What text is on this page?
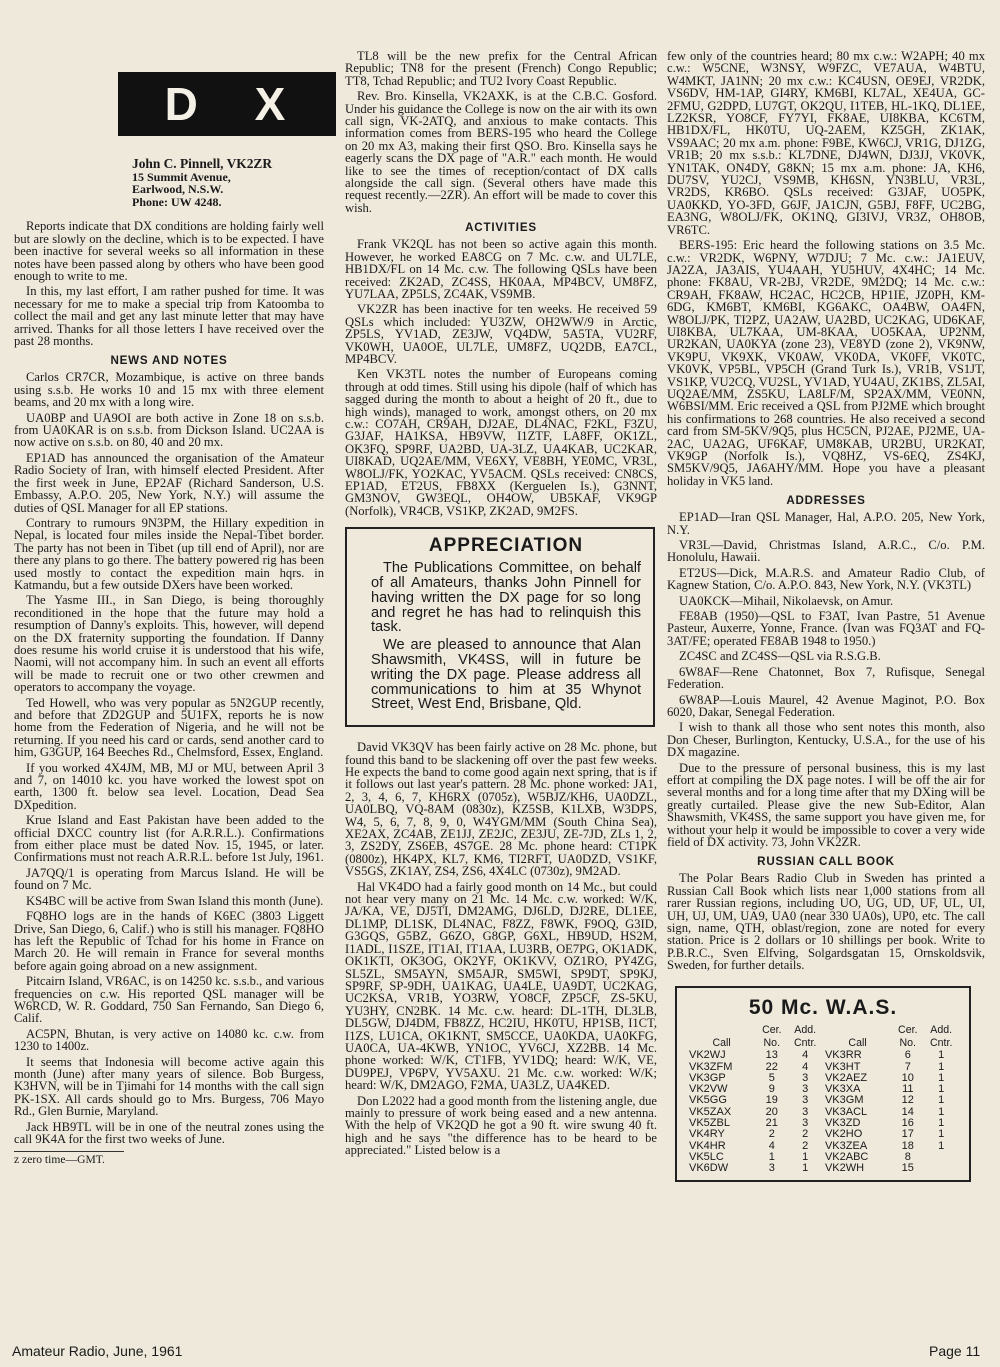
D X
John C. Pinnell, VK2ZR
15 Summit Avenue,
Earlwood, N.S.W.
Phone: UW 4248.

Reports indicate that DX conditions are holding fairly well but are slowly on the decline, which is to be expected. I have been inactive for several weeks so all information in these notes have been passed along by others who have been good enough to write to me.

In this, my last effort, I am rather pushed for time. It was necessary for me to make a special trip from Katoomba to collect the mail and get any last minute letter that may have arrived. Thanks for all those letters I have received over the past 28 months.

NEWS AND NOTES

Carlos CR7CR, Mozambique, is active on three bands using s.s.b. He works 10 and 15 mx with three element beams, and 20 mx with a long wire.

UA0BP and UA9OI are both active in Zone 18 on s.s.b. from UA0KAR is on s.s.b. from Dickson Island. UC2AA is now active on s.s.b. on 80, 40 and 20 mx.

EP1AD has announced the organisation of the Amateur Radio Society of Iran, with himself elected President. After the first week in June, EP2AF (Richard Sanderson, U.S. Embassy, A.P.O. 205, New York, N.Y.) will assume the duties of QSL Manager for all EP stations.

Contrary to rumours 9N3PM, the Hillary expedition in Nepal, is located four miles inside the Nepal-Tibet border. The party has not been in Tibet (up till end of April), nor are there any plans to go there. The battery powered rig has been used mostly to contact the expedition main hqrs. in Katmandu, but a few outside DXers have been worked.

The Yasme III., in San Diego, is being thoroughly reconditioned in the hope that the future may hold a resumption of Danny's exploits. This, however, will depend on the DX fraternity supporting the foundation. If Danny does resume his world cruise it is understood that his wife, Naomi, will not accompany him. In such an event all efforts will be made to recruit one or two other crewmen and operators to accompany the voyage.

Ted Howell, who was very popular as 5N2GUP recently, and before that ZD2GUP and 5U1FX, reports he is now home from the Federation of Nigeria, and he will not be returning. If you need his card or cards, send another card to him, G3GUP, 164 Beeches Rd., Chelmsford, Essex, England.

If you worked 4X4JM, MB, MJ or MU, between April 3 and 7, on 14010 kc. you have worked the lowest spot on earth, 1300 ft. below sea level. Location, Dead Sea DXpedition.

Krue Island and East Pakistan have been added to the official DXCC country list (for A.R.R.L.). Confirmations from either place must be dated Nov. 15, 1945, or later. Confirmations must not reach A.R.R.L. before 1st July, 1961.

JA7QQ/1 is operating from Marcus Island. He will be found on 7 Mc.

KS4BC will be active from Swan Island this month (June).

FQ8HO logs are in the hands of K6EC (3803 Liggett Drive, San Diego, 6, Calif.) who is still his manager. FQ8HO has left the Republic of Tchad for his home in France on March 20. He will remain in France for several months before again going abroad on a new assignment.

Pitcairn Island, VR6AC, is on 14250 kc. s.s.b., and various frequencies on c.w. His reported QSL manager will be W6RCD, W. R. Goddard, 750 San Fernando, San Diego 6, Calif.

AC5PN, Bhutan, is very active on 14080 kc. c.w. from 1230 to 1400z.

It seems that Indonesia will become active again this month (June) after many years of silence. Bob Burgess, K3HVN, will be in Tjimahi for 14 months with the call sign PK-1SX. All cards should go to Mrs. Burgess, 706 Mayo Rd., Glen Burnie, Maryland.

Jack HB9TL will be in one of the neutral zones using the call 9K4A for the first two weeks of June.

z zero time—GMT.

TL8 will be the new prefix for the Central African Republic; TN8 for the present (French) Congo Republic; TT8, Tchad Republic; and TU2 Ivory Coast Republic.

Rev. Bro. Kinsella, VK2AXK, is at the C.B.C. Gosford. Under his guidance the College is now on the air with its own call sign, VK-2ATQ, and anxious to make contacts. This information comes from BERS-195 who heard the College on 20 mx A3, making their first QSO. Bro. Kinsella says he eagerly scans the DX page of "A.R." each month. He would like to see the times of reception/contact of DX calls alongside the call sign. (Several others have made this request recently.—2ZR). An effort will be made to cover this wish.

ACTIVITIES

Frank VK2QL has not been so active again this month. However, he worked EA8CG on 7 Mc. c.w. and UL7LE, HB1DX/FL on 14 Mc. c.w. The following QSLs have been received: ZK2AD, ZC4SS, HK0AA, MP4BCV, UM8FZ, YU7LAA, ZP5LS, ZC4AK, VS9MB.

VK2ZR has been inactive for ten weeks. He received 59 QSLs which included: YU3ZW, OH2WW/9 in Arctic, ZP5LS, YV1AD, ZE3JW, VQ4DW, 5A5TA, VU2RF, VK0WH, UA0OE, UL7LE, UM8FZ, UQ2DB, EA7CL, MP4BCV.

Ken VK3TL notes the number of Europeans coming through at odd times. Still using his dipole (half of which has sagged during the month to about a height of 20 ft., due to high winds), managed to work, amongst others, on 20 mx c.w.: CO7AH, CR9AH, DJ2AE, DL4NAC, F2KL, F3ZU, G3JAF, HA1KSA, HB9VW, I1ZTF, LA8FF, OK1ZL, OK3FQ, SP9RF, UA2BD, UA-3LZ, UA4KAB, UC2KAR, UI8KAD, UQ2AE/MM, VE6XY, VE8BH, YE0MC, VR3L, W8OLJ/FK, YO2KAC, YV5ACM. QSLs received: CN8CS, EP1AD, ET2US, FB8XX (Kerguelen Is.), G3NNT, GM3NOV, GW3EQL, OH4OW, UB5KAF, VK9GP (Norfolk), VR4CB, VS1KP, ZK2AD, 9M2FS.

APPRECIATION

The Publications Committee, on behalf of all Amateurs, thanks John Pinnell for having written the DX page for so long and regret he has had to relinquish this task.

We are pleased to announce that Alan Shawsmith, VK4SS, will in future be writing the DX page. Please address all communications to him at 35 Whynot Street, West End, Brisbane, Qld.

David VK3QV has been fairly active on 28 Mc. phone, but found this band to be slackening off over the past few weeks. He expects the band to come good again next spring, that is if it follows out last year's pattern. 28 Mc. phone worked: JA1, 2, 3, 4, 6, 7, KH6RX (0705z), W5BJZ/KH6, UA0DZL, UA0LBQ, VQ-8AM (0830z), KZ5SB, K1LXB, W3DPS, W4, 5, 6, 7, 8, 9, 0, W4YGM/MM (South China Sea), XE2AX, ZC4AB, ZE1JJ, ZE2JC, ZE3JU, ZE-7JD, ZLs 1, 2, 3, ZS2DY, ZS6EB, 4S7GE. 28 Mc. phone heard: CT1PK (0800z), HK4PX, KL7, KM6, TI2RFT, UA0DZD, VS1KF, VS5GS, ZK1AY, ZS4, ZS6, 4X4LC (0730z), 9M2AD.

Hal VK4DO had a fairly good month on 14 Mc., but could not hear very many on 21 Mc. 14 Mc. c.w. worked: W/K, JA/KA, VE, DJ5TI, DM2AMG, DJ6LD, DJ2RE, DL1EE, DL1MP, DL1SK, DL4NAC, F8ZZ, F8WK, F9OQ, G3ID, G3GQS, G5BZ, G6ZO, G8GP, G6XL, HB9UD, HS2M, I1ADL, I1SZE, IT1AI, IT1AA, LU3RB, OE7PG, OK1ADK, OK1KTI, OK3OG, OK2YF, OK1KVV, OZ1RO, PY4ZG, SL5ZL, SM5AYN, SM5AJR, SM5WI, SP9DT, SP9KJ, SP9RF, SP-9DH, UA1KAG, UA4LE, UA9DT, UC2KAG, UC2KSA, VR1B, YO3RW, YO8CF, ZP5CF, ZS-5KU, YU3HY, CN2BK. 14 Mc. c.w. heard: DL-1TH, DL3LB, DL5GW, DJ4DM, FB8ZZ, HC2IU, HK0TU, HP1SB, I1CT, I1ZS, LU1CA, OK1KNT, SM5CCE, UA0KDA, UA0KFG, UA0CA, UA-4KWB, YN1OC, YV6CJ, XZ2BB. 14 Mc. phone worked: W/K, CT1FB, YV1DQ; heard: W/K, VE, DU9PEJ, VP6PV, YV5AXU. 21 Mc. c.w. worked: W/K; heard: W/K, DM2AGO, F2MA, UA3LZ, UA4KED.

Don L2022 had a good month from the listening angle, due mainly to pressure of work being eased and a new antenna. With the help of VK2QD he got a 90 ft. wire swung 40 ft. high and he says "the difference has to be heard to be appreciated." Listed below is a

few only of the countries heard; 80 mx c.w.: W2APH; 40 mx c.w.: W5CNE, W3NSY, W9FZC, VE7AUA, W4BTU, W4MKT, JA1NN; 20 mx c.w.: KC4USN, OE9EJ, VR2DK, VS6DV, HM-1AP, GI4RY, KM6BI, KL7AL, XE4UA, GC-2FMU, G2DPD, LU7GT, OK2QU, I1TEB, HL-1KQ, DL1EE, LZ2KSR, YO8CF, FY7YI, FK8AE, UI8KBA, KC6TM, HB1DX/FL, HK0TU, UQ-2AEM, KZ5GH, ZK1AK, VS9AAC; 20 mx a.m. phone: F9BE, KW6CJ, VR1G, DJ1ZG, VR1B; 20 mx s.s.b.: KL7DNE, DJ4WN, DJ3JJ, VK0VK, YN1TAK, ON4DY, G8KN; 15 mx a.m. phone: JA, KH6, DU7SV, YU2CJ, VS9MB, KH6SN, YN3BLU, VR3L, VR2DS, KR6BO. QSLs received: G3JAF, UO5PK, UA0KKD, YO-3FD, G6JF, JA1CJN, G5BJ, F8FF, UC2BG, EA3NG, W8OLJ/FK, OK1NQ, GI3IVJ, VR3Z, OH8OB, VR6TC.

BERS-195: Eric heard the following stations on 3.5 Mc. c.w.: VR2DK, W6PNY, W7DJU; 7 Mc. c.w.: JA1EUV, JA2ZA, JA3AIS, YU4AAH, YU5HUV, 4X4HC; 14 Mc. phone: FK8AU, VR-2BJ, VR2DE, 9M2DQ; 14 Mc. c.w.: CR9AH, FK8AW, HC2AC, HC2CB, HP1IE, JZ0PH, KM-6DG, KM6BT, KM6BI, KG6AKC, OA4BW, OA4FN, W8OLJ/PK, TI2PZ, UA2AW, UA2BD, UC2KAG, UD6KAF, UI8KBA, UL7KAA, UM-8KAA, UO5KAA, UP2NM, UR2KAN, UA0KYA (zone 23), VE8YD (zone 2), VK9NW, VK9PU, VK9XK, VK0AW, VK0DA, VK0FF, VK0TC, VK0VK, VP5BL, VP5CH (Grand Turk Is.), VR1B, VS1JT, VS1KP, VU2CQ, VU2SL, YV1AD, YU4AU, ZK1BS, ZL5AI, UQ2AE/MM, ZS5KU, LA8LF/M, SP2AX/MM, VE0NN, W6BSI/MM. Eric received a QSL from PJ2ME which brought his confirmations to 268 countries. He also received a second card from SM-5KV/9Q5, plus HC5CN, PJ2AE, PJ2ME, UA-2AC, UA2AG, UF6KAF, UM8KAB, UR2BU, UR2KAT, VK9GP (Norfolk Is.), VQ8HZ, VS-6EQ, ZS4KJ, SM5KV/9Q5, JA6AHY/MM. Hope you have a pleasant holiday in VK5 land.

ADDRESSES

EP1AD—Iran QSL Manager, Hal, A.P.O. 205, New York, N.Y.

VR3L—David, Christmas Island, A.R.C., C/o. P.M. Honolulu, Hawaii.

ET2US—Dick, M.A.R.S. and Amateur Radio Club, of Kagnew Station, C/o. A.P.O. 843, New York, N.Y. (VK3TL)

UA0KCK—Mihail, Nikolaevsk, on Amur.

FE8AB (1950)—QSL to F3AT, Ivan Pastre, 51 Avenue Pasteur, Auxerre, Yonne, France. (Ivan was FQ3AT and FQ-3AT/FE; operated FE8AB 1948 to 1950.)

ZC4SC and ZC4SS—QSL via R.S.G.B.

6W8AF—Rene Chatonnet, Box 7, Rufisque, Senegal Federation.

6W8AP—Louis Maurel, 42 Avenue Maginot, P.O. Box 6020, Dakar, Senegal Federation.

I wish to thank all those who sent notes this month, also Don Cheser, Burlington, Kentucky, U.S.A., for the use of his DX magazine.

Due to the pressure of personal business, this is my last effort at compiling the DX page notes. I will be off the air for several months and for a long time after that my DXing will be greatly curtailed. Please give the new Sub-Editor, Alan Shawsmith, VK4SS, the same support you have given me, for without your help it would be impossible to cover a very wide field of DX activity. 73, John VK2ZR.

RUSSIAN CALL BOOK

The Polar Bears Radio Club in Sweden has printed a Russian Call Book which lists near 1,000 stations from all rarer Russian regions, including UO, UG, UD, UF, UL, UI, UH, UJ, UM, UA9, UA0 (near 330 UA0s), UP0, etc. The call sign, name, QTH, oblast/region, zone are noted for every station. Price is 2 dollars or 10 shillings per book. Write to P.B.R.C., Sven Elfving, Solgardsgatan 15, Ornskoldsvik, Sweden, for further details.

50 Mc. W.A.S.
	Cer.	Add.		Cer.	Add.
Call	No.	Cntr.	Call	No.	Cntr.
VK2WJ	13	4	VK3RR	6	1
VK3ZFM	22	4	VK3HT	7	1
VK3GP	5	3	VK2AEZ	10	1
VK2VW	9	3	VK3XA	11	1
VK5GG	19	3	VK3GM	12	1
VK5ZAX	20	3	VK3ACL	14	1
VK5ZBL	21	3	VK3ZD	16	1
VK4RY	2	2	VK2HO	17	1
VK4HR	4	2	VK3ZEA	18	1
VK5LC	1	1	VK2ABC	8	
VK6DW	3	1	VK2WH	15	
Amateur Radio, June, 1961	Page 11
